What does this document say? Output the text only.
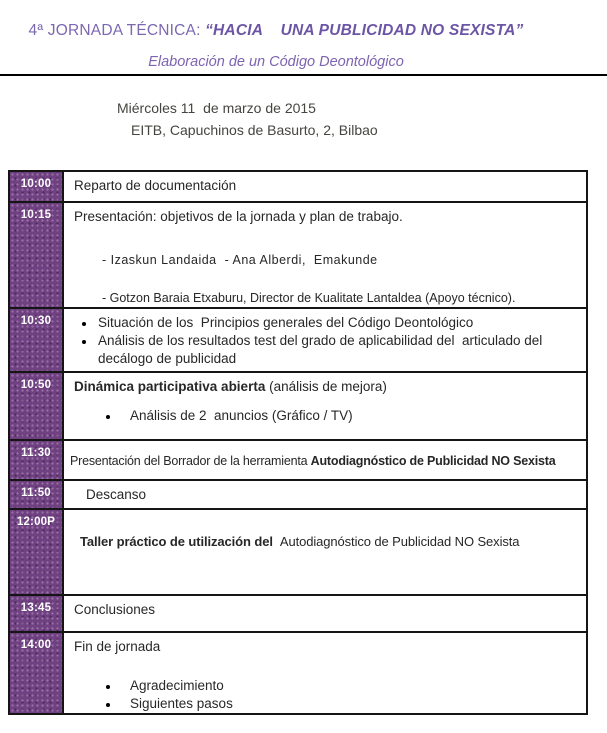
4ª JORNADA TÉCNICA: “HACIA    UNA PUBLICIDAD NO SEXISTA”
Elaboración de un Código Deontológico
Miércoles 11  de marzo de 2015
EITB, Capuchinos de Basurto, 2, Bilbao
10:00	Reparto de documentación
10:15	Presentación: objetivos de la jornada y plan de trabajo.
- Izaskun Landaida  - Ana Alberdi,  Emakunde
- Gotzon Baraia Etxaburu, Director de Kualitate Lantaldea (Apoyo técnico).

10:30	
•Situación de los  Principios generales del Código Deontológico
• Análisis de los resultados test del grado de aplicabilidad del  articulado del decálogo de publicidad

10:50	Dinámica participativa abierta (análisis de mejora)
• Análisis de 2  anuncios (Gráfico / TV)

11:30	Presentación del Borrador de la herramienta Autodiagnóstico de Publicidad NO Sexista
11:50	Descanso

12:00P	Taller práctico de utilización del  Autodiagnóstico de Publicidad NO Sexista

13:45	Conclusiones
14:00	Fin de jornada
• Agradecimiento
• Siguientes pasos
